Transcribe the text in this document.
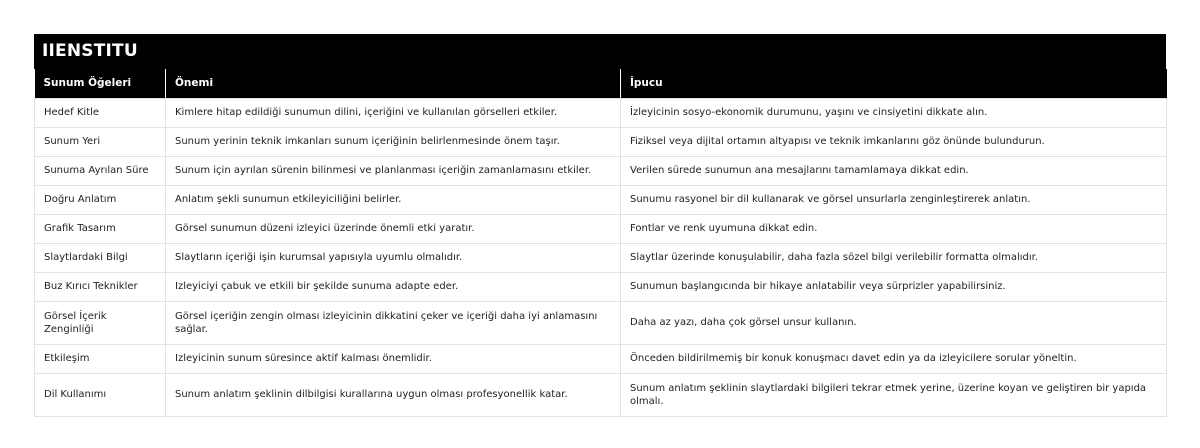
IIENSTITU
Sunum Öğeleri	Önemi	İpucu
Hedef Kitle	Kimlere hitap edildiği sunumun dilini, içeriğini ve kullanılan görselleri etkiler.	İzleyicinin sosyo-ekonomik durumunu, yaşını ve cinsiyetini dikkate alın.
Sunum Yeri	Sunum yerinin teknik imkanları sunum içeriğinin belirlenmesinde önem taşır.	Fiziksel veya dijital ortamın altyapısı ve teknik imkanlarını göz önünde bulundurun.
Sunuma Ayrılan Süre	Sunum için ayrılan sürenin bilinmesi ve planlanması içeriğin zamanlamasını etkiler.	Verilen sürede sunumun ana mesajlarını tamamlamaya dikkat edin.
Doğru Anlatım	Anlatım şekli sunumun etkileyiciliğini belirler.	Sunumu rasyonel bir dil kullanarak ve görsel unsurlarla zenginleştirerek anlatın.
Grafik Tasarım	Görsel sunumun düzeni izleyici üzerinde önemli etki yaratır.	Fontlar ve renk uyumuna dikkat edin.
Slaytlardaki Bilgi	Slaytların içeriği işin kurumsal yapısıyla uyumlu olmalıdır.	Slaytlar üzerinde konuşulabilir, daha fazla sözel bilgi verilebilir formatta olmalıdır.
Buz Kırıcı Teknikler	Izleyiciyi çabuk ve etkili bir şekilde sunuma adapte eder.	Sunumun başlangıcında bir hikaye anlatabilir veya sürprizler yapabilirsiniz.
Görsel İçerik Zenginliği	Görsel içeriğin zengin olması izleyicinin dikkatini çeker ve içeriği daha iyi anlamasını sağlar.	Daha az yazı, daha çok görsel unsur kullanın.
Etkileşim	Izleyicinin sunum süresince aktif kalması önemlidir.	Önceden bildirilmemiş bir konuk konuşmacı davet edin ya da izleyicilere sorular yöneltin.
Dil Kullanımı	Sunum anlatım şeklinin dilbilgisi kurallarına uygun olması profesyonellik katar.	Sunum anlatım şeklinin slaytlardaki bilgileri tekrar etmek yerine, üzerine koyan ve geliştiren bir yapıda olmalı.
